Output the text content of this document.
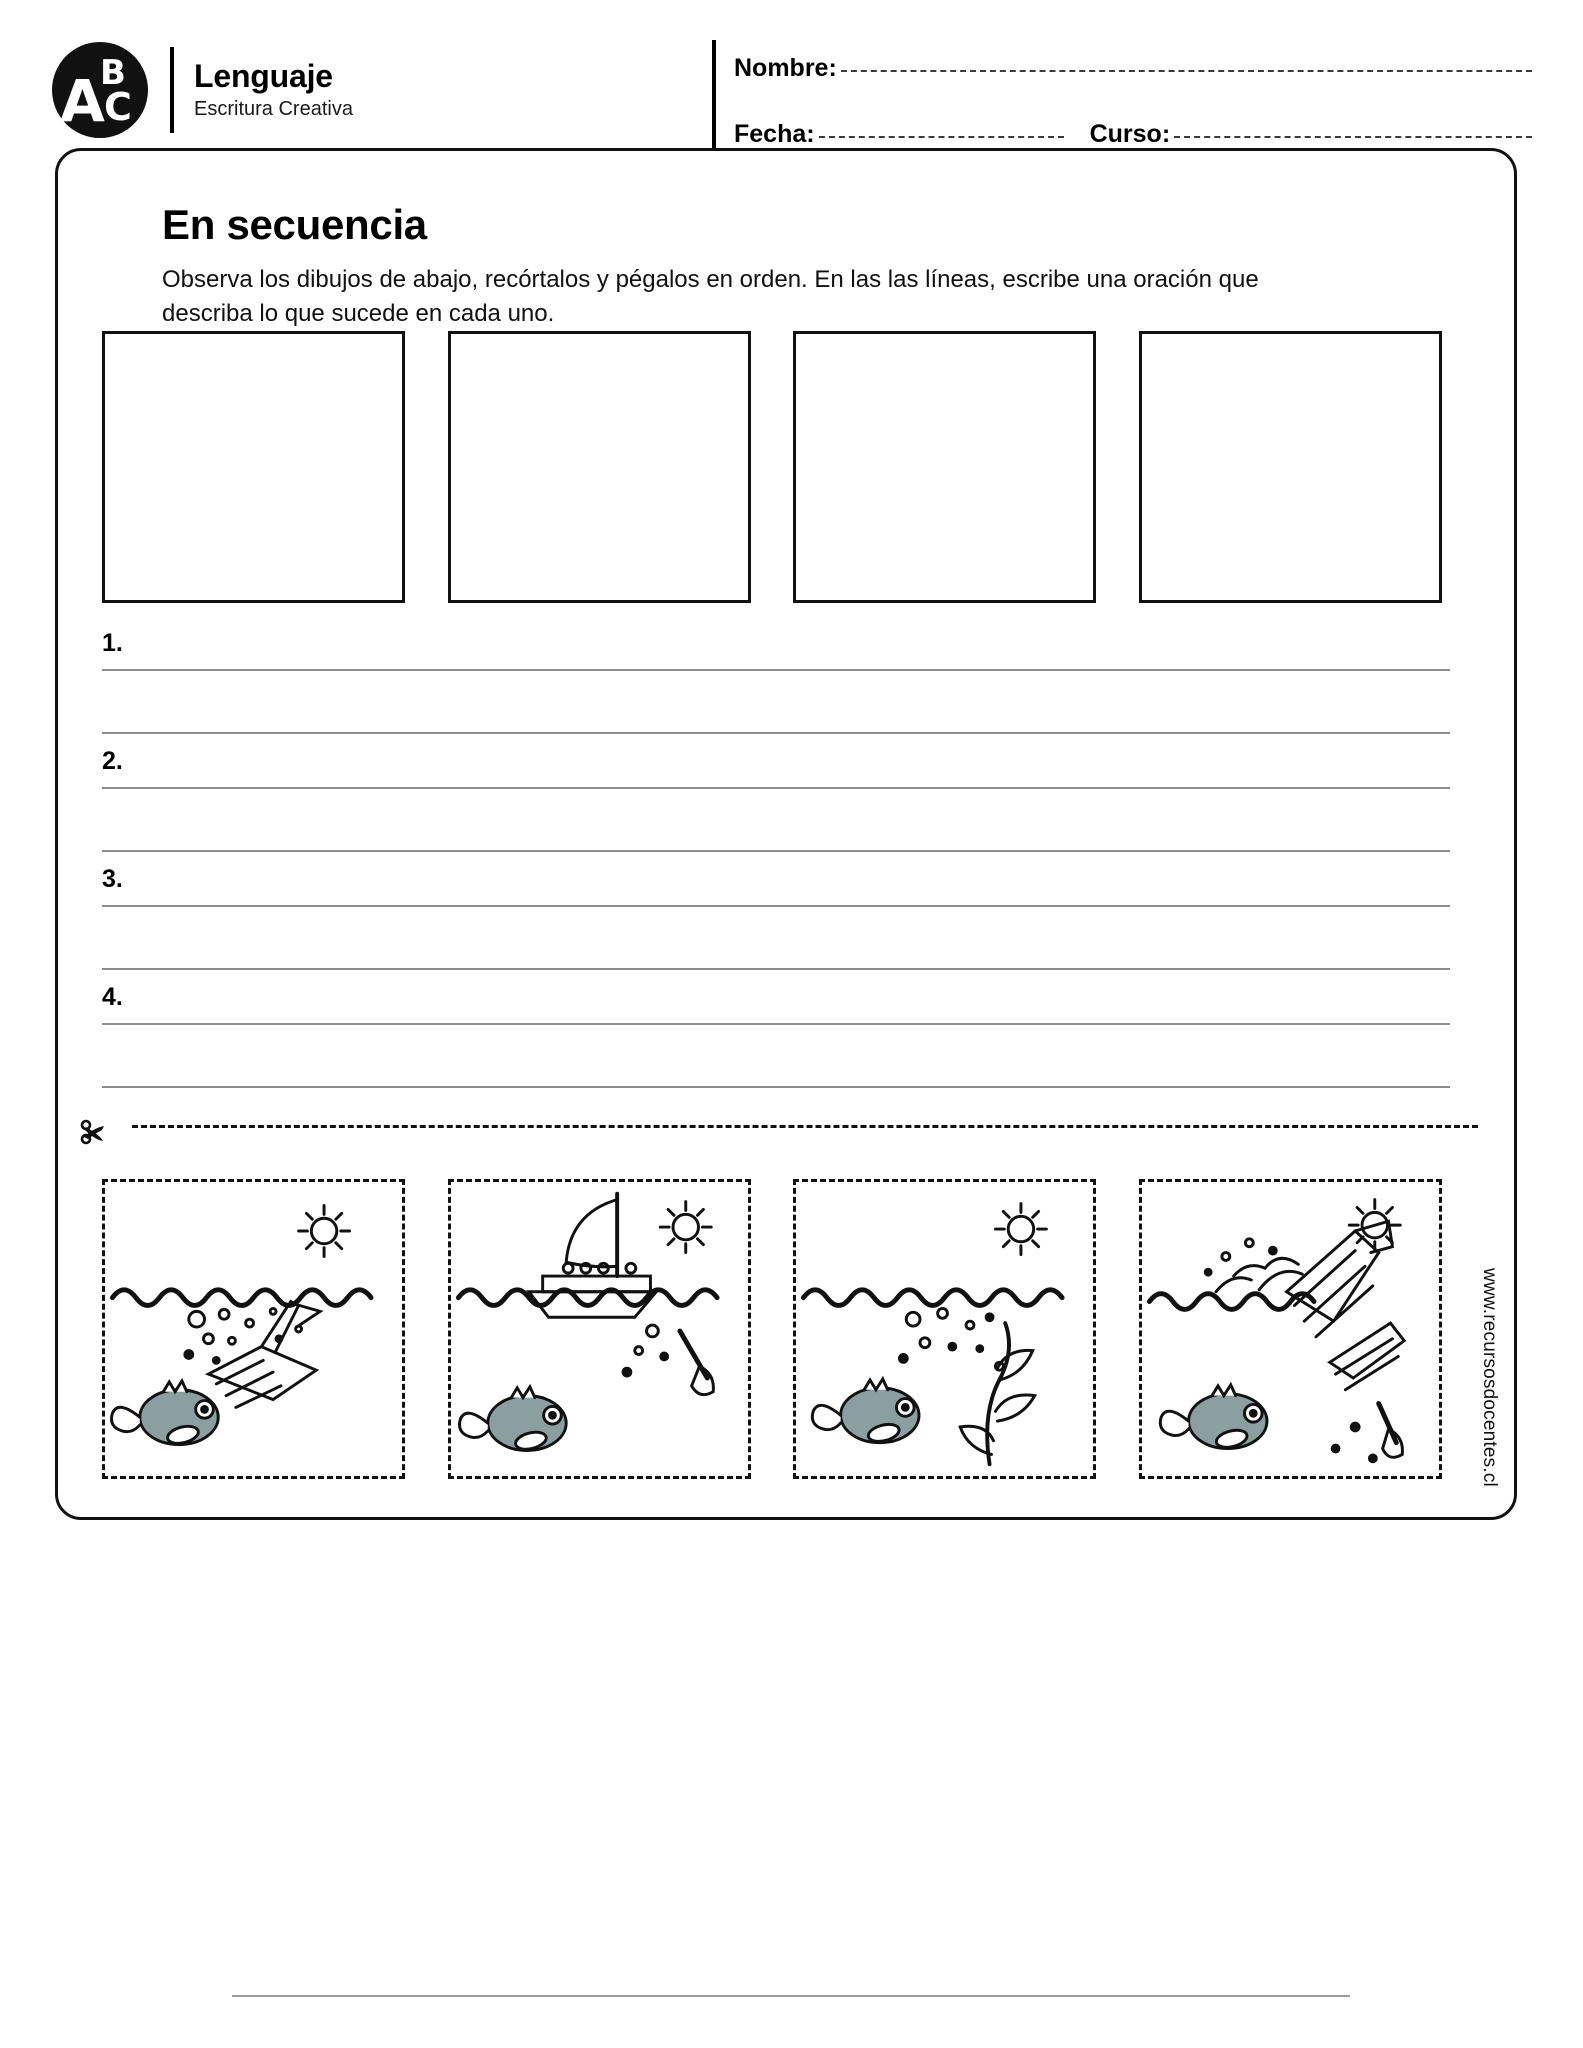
A
B
C
Lenguaje
Escritura Creativa
Nombre:
Fecha:	Curso:
En secuencia
Observa los dibujos de abajo, recórtalos y pégalos en orden. En las las líneas, escribe una oración que describa lo que sucede en cada uno.
1.
2.
3.
4.
www.recursosdocentes.cl
